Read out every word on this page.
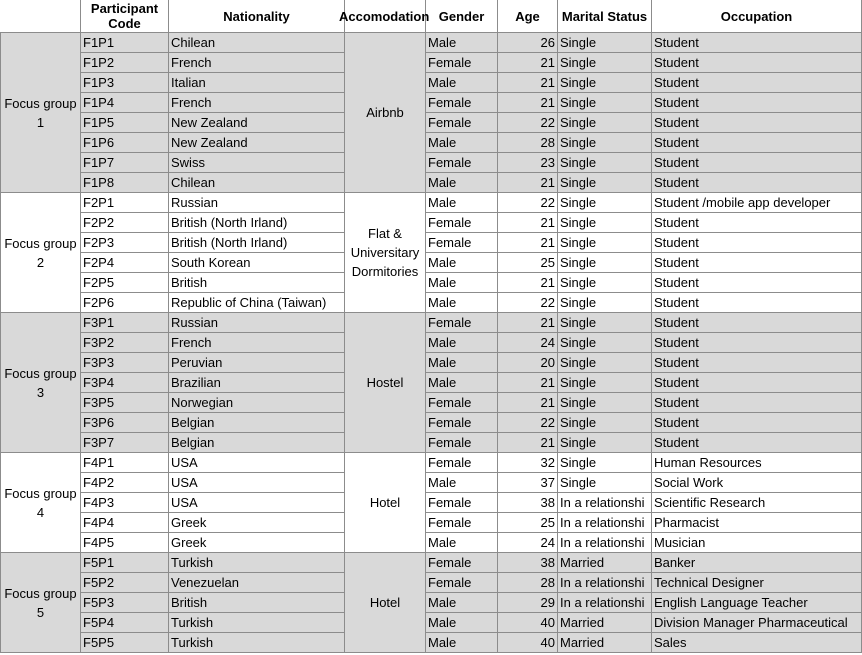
	Participant Code	Nationality	Accomodation	Gender	Age	Marital Status	Occupation
Focus group 1	F1P1	Chilean	Airbnb	Male	26	Single	Student
	F1P2	French		Female	21	Single	Student
	F1P3	Italian		Male	21	Single	Student
	F1P4	French		Female	21	Single	Student
	F1P5	New Zealand		Female	22	Single	Student
	F1P6	New Zealand		Male	28	Single	Student
	F1P7	Swiss		Female	23	Single	Student
	F1P8	Chilean		Male	21	Single	Student
Focus group 2	F2P1	Russian	Flat & Universitary Dormitories	Male	22	Single	Student /mobile app developer
	F2P2	British (North Irland)		Female	21	Single	Student
	F2P3	British (North Irland)		Female	21	Single	Student
	F2P4	South Korean		Male	25	Single	Student
	F2P5	British		Male	21	Single	Student
	F2P6	Republic of China (Taiwan)		Male	22	Single	Student
Focus group 3	F3P1	Russian	Hostel	Female	21	Single	Student
	F3P2	French		Male	24	Single	Student
	F3P3	Peruvian		Male	20	Single	Student
	F3P4	Brazilian		Male	21	Single	Student
	F3P5	Norwegian		Female	21	Single	Student
	F3P6	Belgian		Female	22	Single	Student
	F3P7	Belgian		Female	21	Single	Student
Focus group 4	F4P1	USA	Hotel	Female	32	Single	Human Resources
	F4P2	USA		Male	37	Single	Social Work
	F4P3	USA		Female	38	In a relationshi	Scientific Research
	F4P4	Greek		Female	25	In a relationshi	Pharmacist
	F4P5	Greek		Male	24	In a relationshi	Musician
Focus group 5	F5P1	Turkish	Hotel	Female	38	Married	Banker
	F5P2	Venezuelan		Female	28	In a relationshi	Technical Designer
	F5P3	British		Male	29	In a relationshi	English Language Teacher
	F5P4	Turkish		Male	40	Married	Division Manager Pharmaceutical
	F5P5	Turkish		Male	40	Married	Sales
